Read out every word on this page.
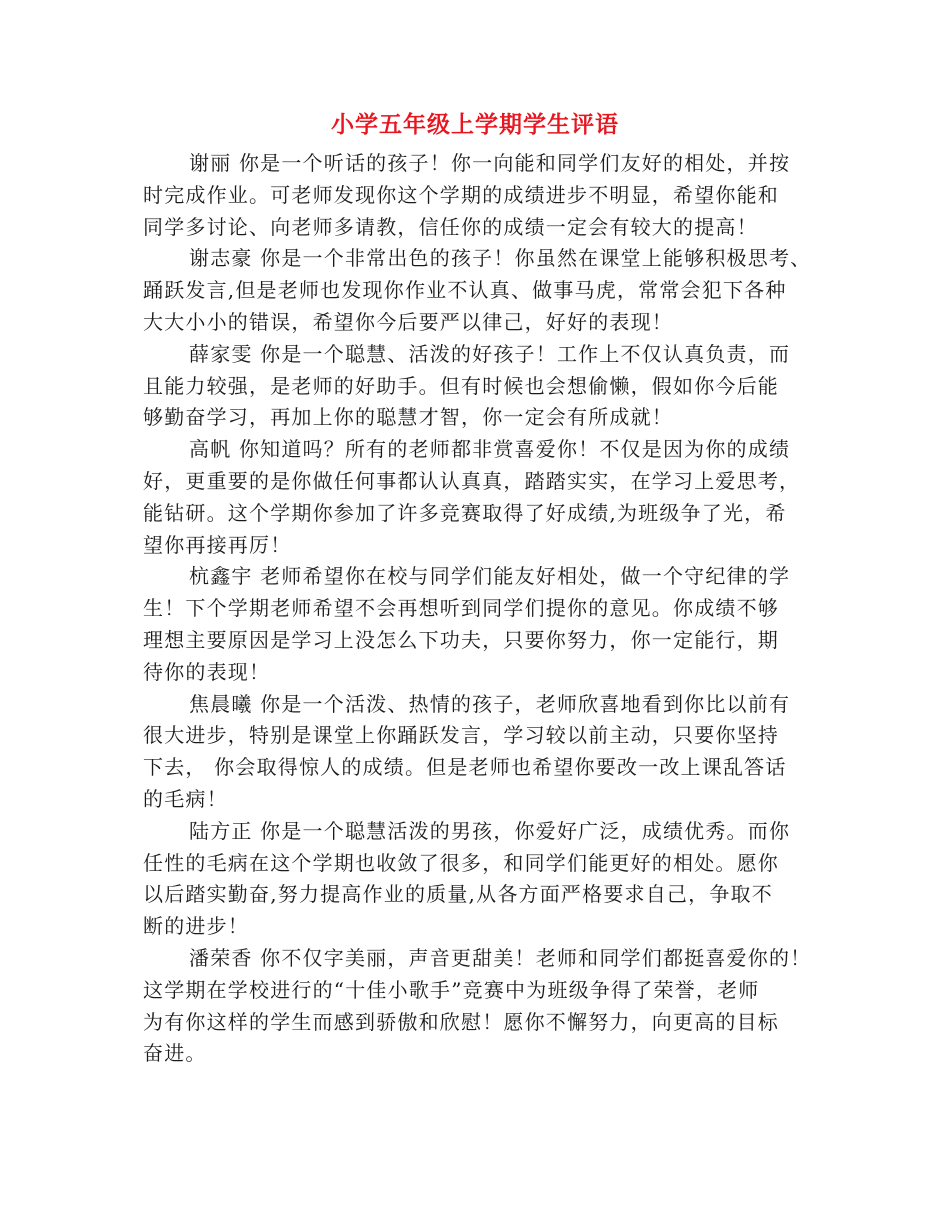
小学五年级上学期学生评语

谢丽 你是一个听话的孩子！你一向能和同学们友好的相处，并按
时完成作业。可老师发现你这个学期的成绩进步不明显，希望你能和
同学多讨论、向老师多请教，信任你的成绩一定会有较大的提高！

谢志豪 你是一个非常出色的孩子！你虽然在课堂上能够积极思考、
踊跃发言,但是老师也发现你作业不认真、做事马虎，常常会犯下各种
大大小小的错误，希望你今后要严以律己，好好的表现！

薛家雯 你是一个聪慧、活泼的好孩子！工作上不仅认真负责，而
且能力较强，是老师的好助手。但有时候也会想偷懒，假如你今后能
够勤奋学习，再加上你的聪慧才智，你一定会有所成就！

高帆 你知道吗？所有的老师都非赏喜爱你！不仅是因为你的成绩
好，更重要的是你做任何事都认认真真，踏踏实实，在学习上爱思考，
能钻研。这个学期你参加了许多竞赛取得了好成绩,为班级争了光，希
望你再接再厉！

杭鑫宇 老师希望你在校与同学们能友好相处，做一个守纪律的学
生！下个学期老师希望不会再想听到同学们提你的意见。你成绩不够
理想主要原因是学习上没怎么下功夫，只要你努力，你一定能行，期
待你的表现！

焦晨曦 你是一个活泼、热情的孩子，老师欣喜地看到你比以前有
很大进步，特别是课堂上你踊跃发言，学习较以前主动，只要你坚持
下去， 你会取得惊人的成绩。但是老师也希望你要改一改上课乱答话
的毛病！

陆方正 你是一个聪慧活泼的男孩，你爱好广泛，成绩优秀。而你
任性的毛病在这个学期也收敛了很多，和同学们能更好的相处。愿你
以后踏实勤奋,努力提高作业的质量,从各方面严格要求自己，争取不
断的进步！

潘荣香 你不仅字美丽，声音更甜美！老师和同学们都挺喜爱你的！
这学期在学校进行的“十佳小歌手”竞赛中为班级争得了荣誉，老师
为有你这样的学生而感到骄傲和欣慰！愿你不懈努力，向更高的目标
奋进。
